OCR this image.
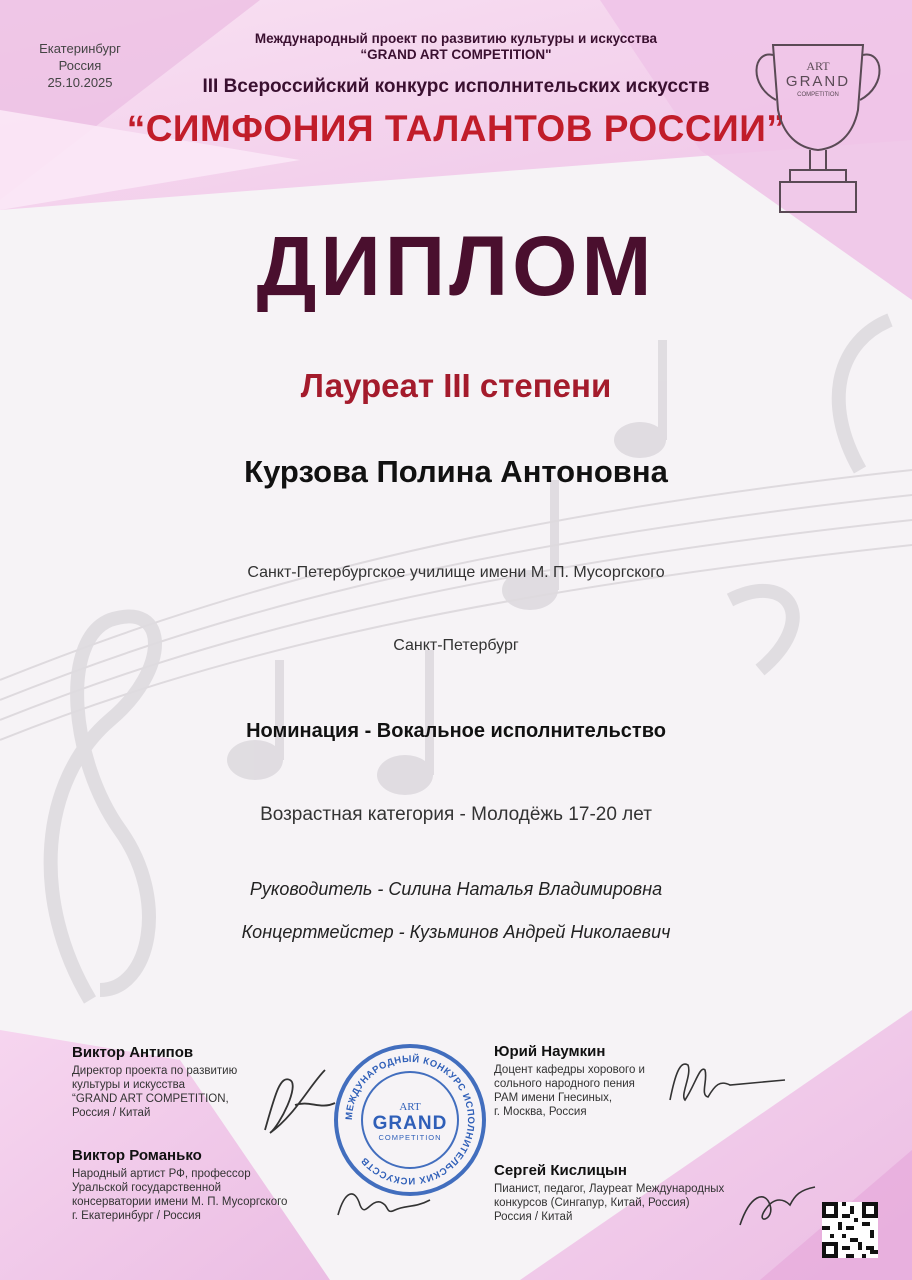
Екатеринбург
Россия
25.10.2025
Международный проект по развитию культуры и искусства
“GRAND ART COMPETITION"
III Всероссийский конкурс исполнительских искусств
“СИМФОНИЯ ТАЛАНТОВ РОССИИ”
ART
GRAND
COMPETITION
ДИПЛОМ
Лауреат III степени
Курзова Полина Антоновна
Санкт-Петербургское училище имени М. П. Мусоргского
Санкт-Петербург
Номинация - Вокальное исполнительство
Возрастная категория - Молодёжь 17-20 лет
Руководитель - Силина Наталья Владимировна
Концертмейстер - Кузьминов Андрей Николаевич
Виктор Антипов
Директор проекта по развитию
культуры и искусства
“GRAND ART COMPETITION,
Россия / Китай
Виктор Романько
Народный артист РФ, профессор
Уральской государственной
консерватории имени М. П. Мусоргского
г. Екатеринбург / Россия
Юрий Наумкин
Доцент кафедры хорового и
сольного народного пения
РАМ имени Гнесиных,
г. Москва, Россия
Сергей Кислицын
Пианист, педагог, Лауреат Международных
конкурсов (Сингапур, Китай, Россия)
Россия / Китай
МЕЖДУНАРОДНЫЙ КОНКУРС ИСПОЛНИТЕЛЬСКИХ ИСКУССТВ
ART
GRAND
COMPETITION
